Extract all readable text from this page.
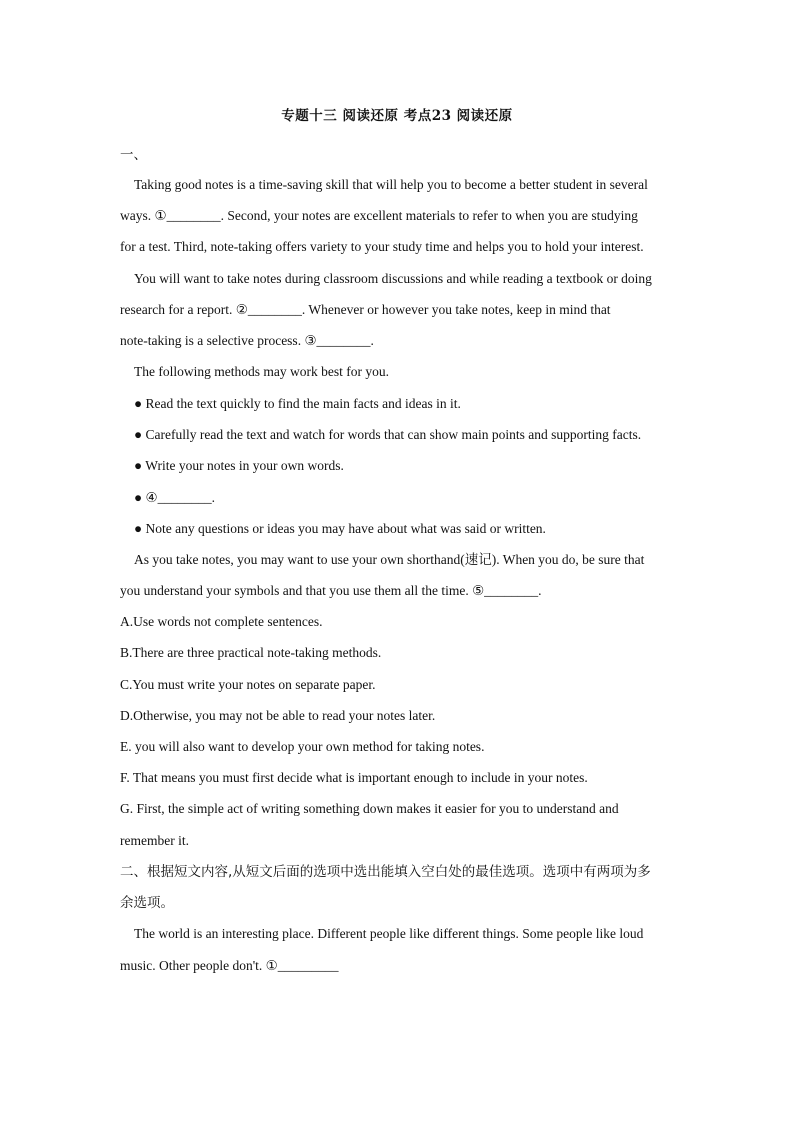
专题十三 阅读还原 考点23 阅读还原
一、
Taking good notes is a time-saving skill that will help you to become a better student in several
ways. ①________. Second, your notes are excellent materials to refer to when you are studying
for a test. Third, note-taking offers variety to your study time and helps you to hold your interest.
You will want to take notes during classroom discussions and while reading a textbook or doing
research for a report. ②________. Whenever or however you take notes, keep in mind that
note-taking is a selective process. ③________.
The following methods may work best for you.
● Read the text quickly to find the main facts and ideas in it.
● Carefully read the text and watch for words that can show main points and supporting facts.
● Write your notes in your own words.
● ④________.
● Note any questions or ideas you may have about what was said or written.
As you take notes, you may want to use your own shorthand(速记). When you do, be sure that
you understand your symbols and that you use them all the time. ⑤________.
A.Use words not complete sentences.
B.There are three practical note-taking methods.
C.You must write your notes on separate paper.
D.Otherwise, you may not be able to read your notes later.
E. you will also want to develop your own method for taking notes.
F. That means you must first decide what is important enough to include in your notes.
G. First, the simple act of writing something down makes it easier for you to understand and
remember it.
二、根据短文内容,从短文后面的选项中选出能填入空白处的最佳选项。选项中有两项为多
余选项。
The world is an interesting place. Different people like different things. Some people like loud
music. Other people don't. ①_________
